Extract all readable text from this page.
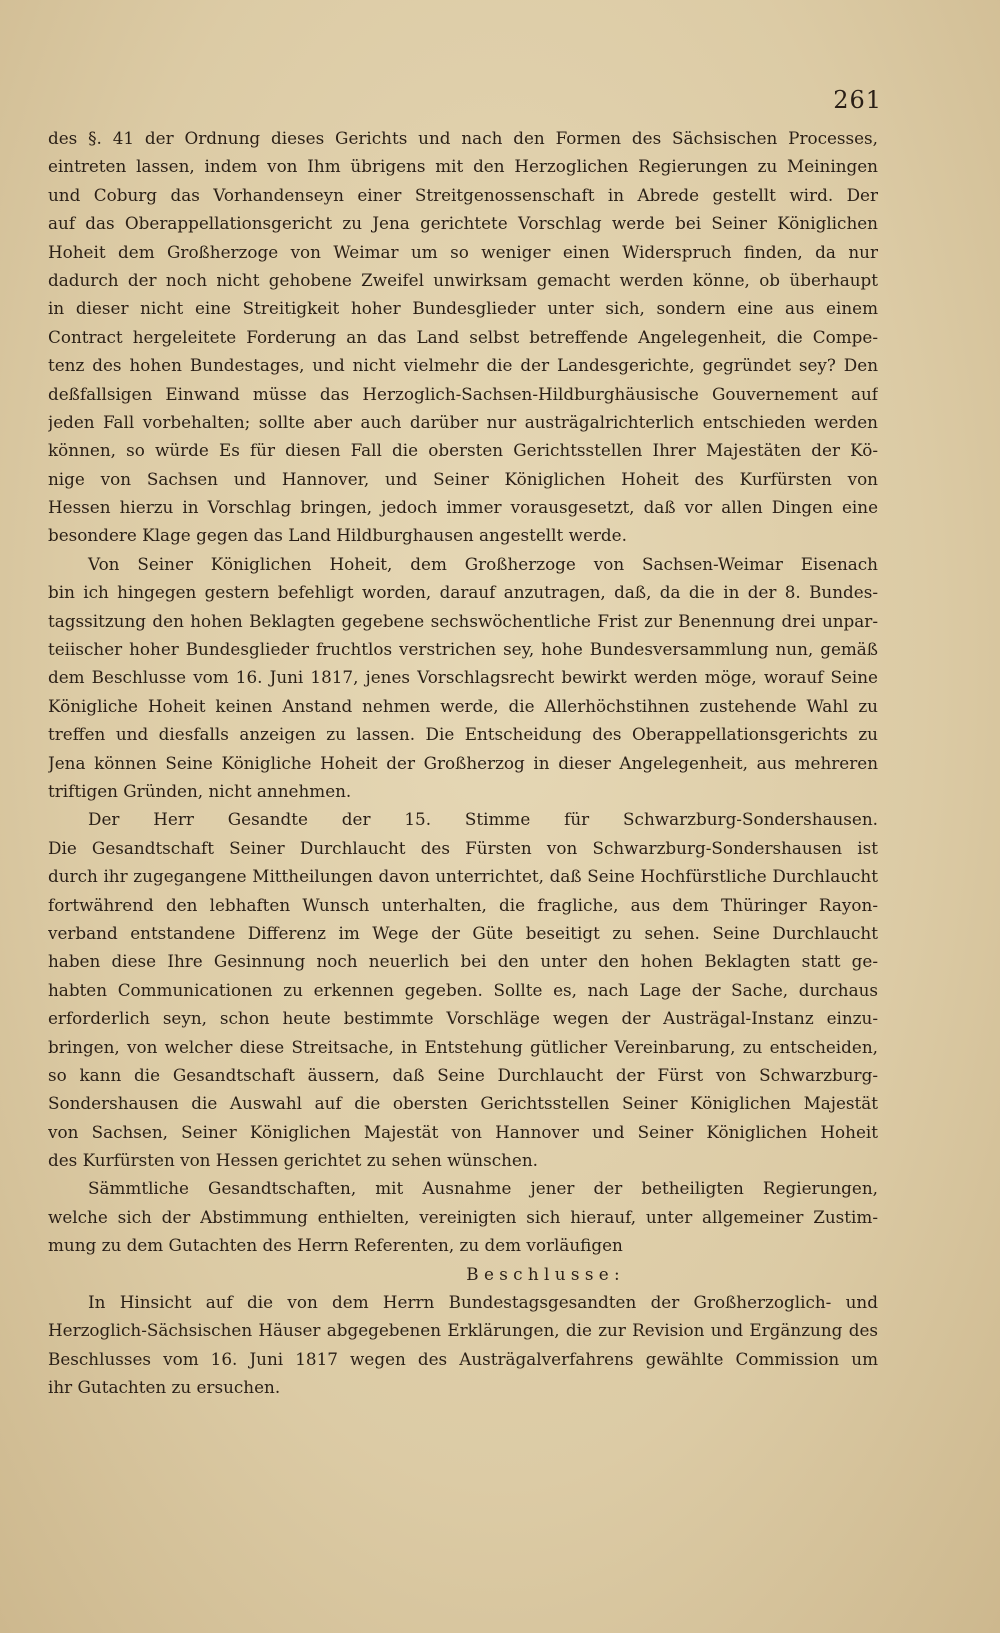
261
des §. 41 der Ordnung dieses Gerichts und nach den Formen des Sächsischen Processes,
eintreten lassen, indem von Ihm übrigens mit den Herzoglichen Regierungen zu Meiningen
und Coburg das Vorhandenseyn einer Streitgenossenschaft in Abrede gestellt wird. Der
auf das Oberappellationsgericht zu Jena gerichtete Vorschlag werde bei Seiner Königlichen
Hoheit dem Großherzoge von Weimar um so weniger einen Widerspruch finden, da nur
dadurch der noch nicht gehobene Zweifel unwirksam gemacht werden könne, ob überhaupt
in dieser nicht eine Streitigkeit hoher Bundesglieder unter sich, sondern eine aus einem
Contract hergeleitete Forderung an das Land selbst betreffende Angelegenheit, die Compe-
tenz des hohen Bundestages, und nicht vielmehr die der Landesgerichte, gegründet sey? Den
deßfallsigen Einwand müsse das Herzoglich-Sachsen-Hildburghäusische Gouvernement auf
jeden Fall vorbehalten; sollte aber auch darüber nur austrägalrichterlich entschieden werden
können, so würde Es für diesen Fall die obersten Gerichtsstellen Ihrer Majestäten der Kö-
nige von Sachsen und Hannover, und Seiner Königlichen Hoheit des Kurfürsten von
Hessen hierzu in Vorschlag bringen, jedoch immer vorausgesetzt, daß vor allen Dingen eine
besondere Klage gegen das Land Hildburghausen angestellt werde.
Von Seiner Königlichen Hoheit, dem Großherzoge von Sachsen-Weimar Eisenach
bin ich hingegen gestern befehligt worden, darauf anzutragen, daß, da die in der 8. Bundes-
tagssitzung den hohen Beklagten gegebene sechswöchentliche Frist zur Benennung drei unpar-
teiischer hoher Bundesglieder fruchtlos verstrichen sey, hohe Bundesversammlung nun, gemäß
dem Beschlusse vom 16. Juni 1817, jenes Vorschlagsrecht bewirkt werden möge, worauf Seine
Königliche Hoheit keinen Anstand nehmen werde, die Allerhöchstihnen zustehende Wahl zu
treffen und diesfalls anzeigen zu lassen. Die Entscheidung des Oberappellationsgerichts zu
Jena können Seine Königliche Hoheit der Großherzog in dieser Angelegenheit, aus mehreren
triftigen Gründen, nicht annehmen.
Der Herr Gesandte der 15. Stimme für Schwarzburg-Sondershausen.
Die Gesandtschaft Seiner Durchlaucht des Fürsten von Schwarzburg-Sondershausen ist
durch ihr zugegangene Mittheilungen davon unterrichtet, daß Seine Hochfürstliche Durchlaucht
fortwährend den lebhaften Wunsch unterhalten, die fragliche, aus dem Thüringer Rayon-
verband entstandene Differenz im Wege der Güte beseitigt zu sehen. Seine Durchlaucht
haben diese Ihre Gesinnung noch neuerlich bei den unter den hohen Beklagten statt ge-
habten Communicationen zu erkennen gegeben. Sollte es, nach Lage der Sache, durchaus
erforderlich seyn, schon heute bestimmte Vorschläge wegen der Austrägal-Instanz einzu-
bringen, von welcher diese Streitsache, in Entstehung gütlicher Vereinbarung, zu entscheiden,
so kann die Gesandtschaft äussern, daß Seine Durchlaucht der Fürst von Schwarzburg-
Sondershausen die Auswahl auf die obersten Gerichtsstellen Seiner Königlichen Majestät
von Sachsen, Seiner Königlichen Majestät von Hannover und Seiner Königlichen Hoheit
des Kurfürsten von Hessen gerichtet zu sehen wünschen.
Sämmtliche Gesandtschaften, mit Ausnahme jener der betheiligten Regierungen,
welche sich der Abstimmung enthielten, vereinigten sich hierauf, unter allgemeiner Zustim-
mung zu dem Gutachten des Herrn Referenten, zu dem vorläufigen
B e s c h l u s s e :
In Hinsicht auf die von dem Herrn Bundestagsgesandten der Großherzoglich- und
Herzoglich-Sächsischen Häuser abgegebenen Erklärungen, die zur Revision und Ergänzung des
Beschlusses vom 16. Juni 1817 wegen des Austrägalverfahrens gewählte Commission um
ihr Gutachten zu ersuchen.
